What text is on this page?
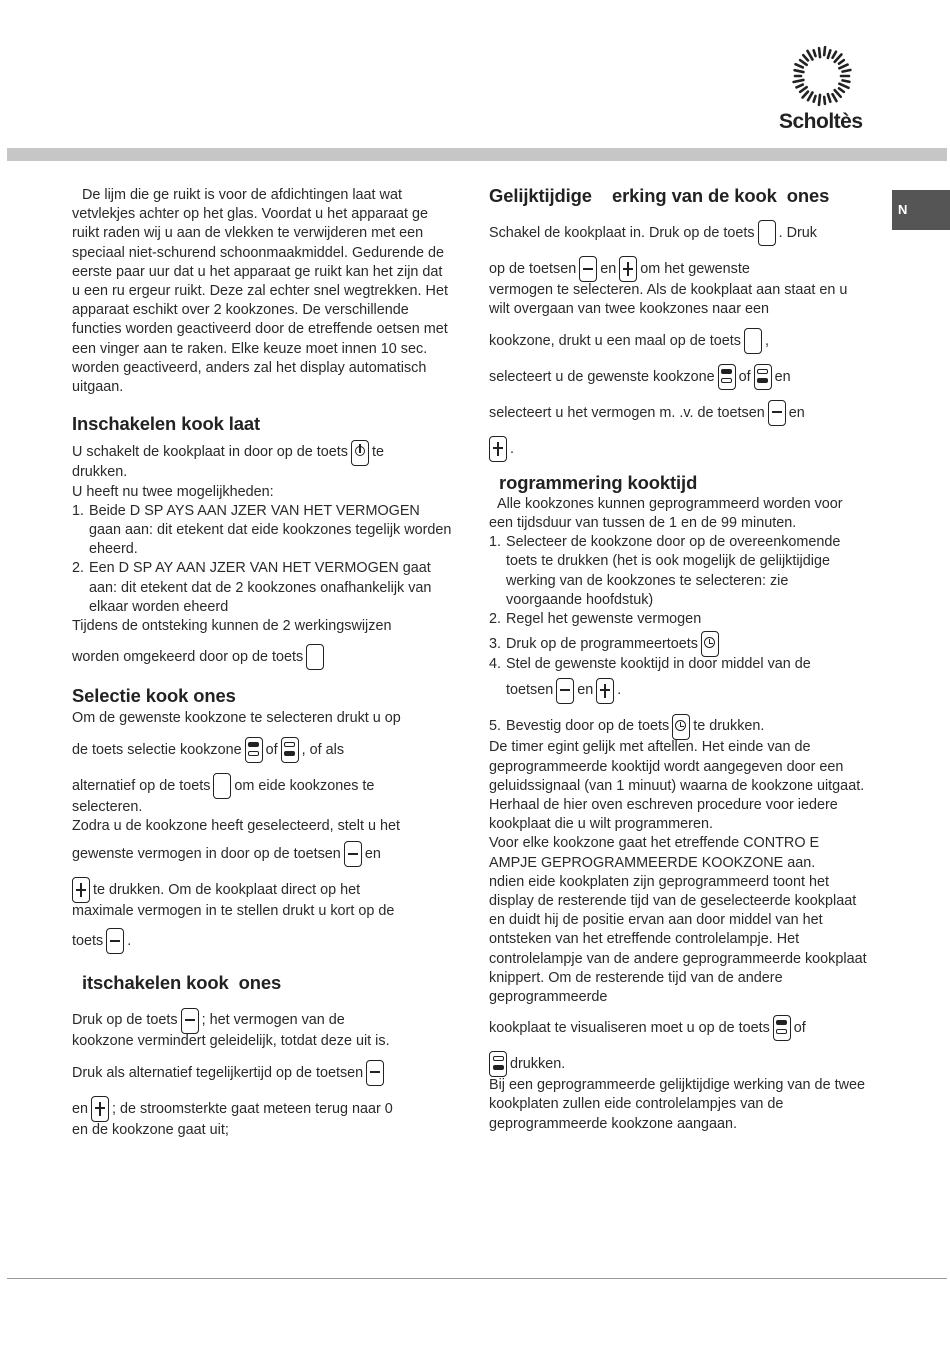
Scholtès
N

De lijm die ge ruikt is voor de afdichtingen laat wat vetvlekjes achter op het glas. Voordat u het apparaat ge ruikt raden wij u aan de vlekken te verwijderen met een speciaal niet-schurend schoonmaakmiddel. Gedurende de eerste paar uur dat u het apparaat ge ruikt kan het zijn dat u een ru ergeur ruikt. Deze zal echter snel wegtrekken. Het apparaat eschikt over 2 kookzones. De verschillende functies worden geactiveerd door de etreffende oetsen met een vinger aan te raken. Elke keuze moet innen 10 sec. worden geactiveerd, anders zal het display automatisch uitgaan.

Inschakelen kook laat

U schakelt de kookplaat in door op de toets te

drukken.

U heeft nu twee mogelijkheden:

1. Beide D SP AYS AAN JZER VAN HET VERMOGEN gaan aan: dit etekent dat eide kookzones tegelijk worden eheerd.
2. Een D SP AY AAN JZER VAN HET VERMOGEN gaat aan: dit etekent dat de 2 kookzones onafhankelijk van elkaar worden eheerd

Tijdens de ontsteking kunnen de 2 werkingswijzen

worden omgekeerd door op de toets

Selectie kook ones

Om de gewenste kookzone te selecteren drukt u op

de toets selectie kookzone of , of als

alternatief op de toets om eide kookzones te

selecteren.

Zodra u de kookzone heeft geselecteerd, stelt u het

gewenste vermogen in door op de toetsen en

te drukken. Om de kookplaat direct op het

maximale vermogen in te stellen drukt u kort op de

toets .

itschakelen kook  ones

Druk op de toets ; het vermogen van de

kookzone vermindert geleidelijk, totdat deze uit is.

Druk als alternatief tegelijkertijd op de toetsen

en ; de stroomsterkte gaat meteen terug naar 0

en de kookzone gaat uit;

Gelijktijdige    erking van de kook  ones

Schakel de kookplaat in. Druk op de toets . Druk

op de toetsen en om het gewenste

vermogen te selecteren. Als de kookplaat aan staat en u wilt overgaan van twee kookzones naar een

kookzone, drukt u een maal op de toets ,

selecteert u de gewenste kookzone of en

selecteert u het vermogen m. .v. de toetsen en

.

rogrammering kooktijd

Alle kookzones kunnen geprogrammeerd worden voor een tijdsduur van tussen de 1 en de 99 minuten.

1. Selecteer de kookzone door op de overeenkomende toets te drukken (het is ook mogelijk de gelijktijdige werking van de kookzones te selecteren: zie voorgaande hoofdstuk)
2. Regel het gewenste vermogen
3. Druk op de programmeertoets
4. Stel de gewenste kooktijd in door middel van de
toetsen en .
5. Bevestig door op de toets te drukken.

De timer egint gelijk met aftellen. Het einde van de geprogrammeerde kooktijd wordt aangegeven door een geluidssignaal (van 1 minuut) waarna de kookzone uitgaat. Herhaal de hier oven eschreven procedure voor iedere kookplaat die u wilt programmeren.

Voor elke kookzone gaat het etreffende CONTRO E AMPJE GEPROGRAMMEERDE KOOKZONE aan.

ndien eide kookplaten zijn geprogrammeerd toont het display de resterende tijd van de geselecteerde kookplaat en duidt hij de positie ervan aan door middel van het ontsteken van het etreffende controlelampje. Het controlelampje van de andere geprogrammeerde kookplaat knippert. Om de resterende tijd van de andere geprogrammeerde

kookplaat te visualiseren moet u op de toets of

drukken.

Bij een geprogrammeerde gelijktijdige werking van de twee kookplaten zullen eide controlelampjes van de geprogrammeerde kookzone aangaan.
